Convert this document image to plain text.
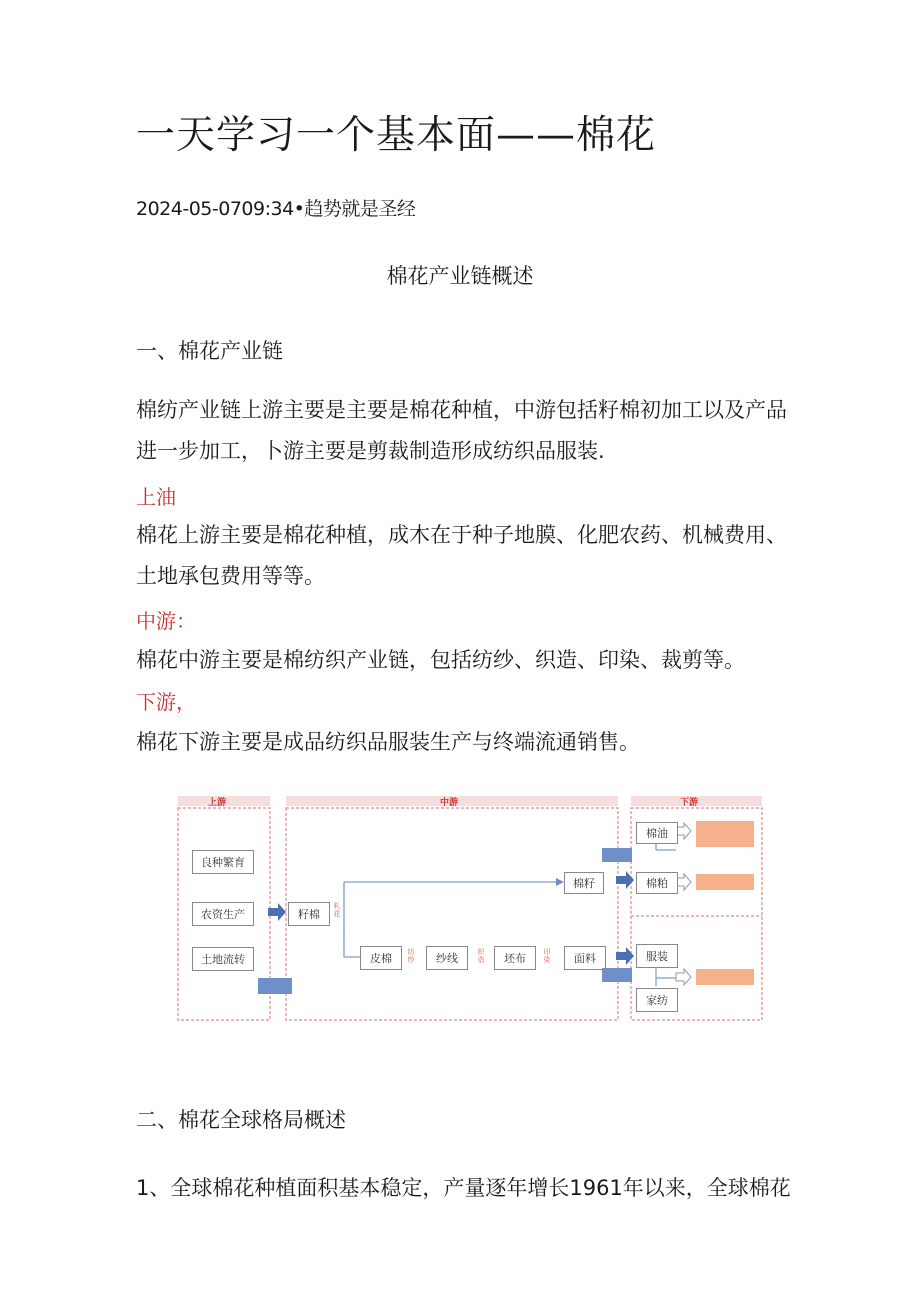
一天学习一个基本面——棉花
2024-05-0709:34•趋势就是圣经
棉花产业链概述
一、棉花产业链
棉纺产业链上游主要是主要是棉花种植，中游包括籽棉初加工以及产品进一步加工，卜游主要是剪裁制造形成纺织品服装.
上油
棉花上游主要是棉花种植，成木在于种子地膜、化肥农药、机械费用、土地承包费用等等。
中游：
棉花中游主要是棉纺织产业链，包括纺纱、织造、印染、裁剪等。
下游，
棉花下游主要是成品纺织品服装生产与终端流通销售。
上游	中游	下游
良种繁育
农资生产
土地流转
籽棉
轧
花
棉籽
皮棉	纺
纱	纱线	织
造	坯布	印
染	面料
棉油
棉粕
服装
家纺
二、棉花全球格局概述
1、全球棉花种植面积基本稳定，产量逐年增长1961年以来，全球棉花
